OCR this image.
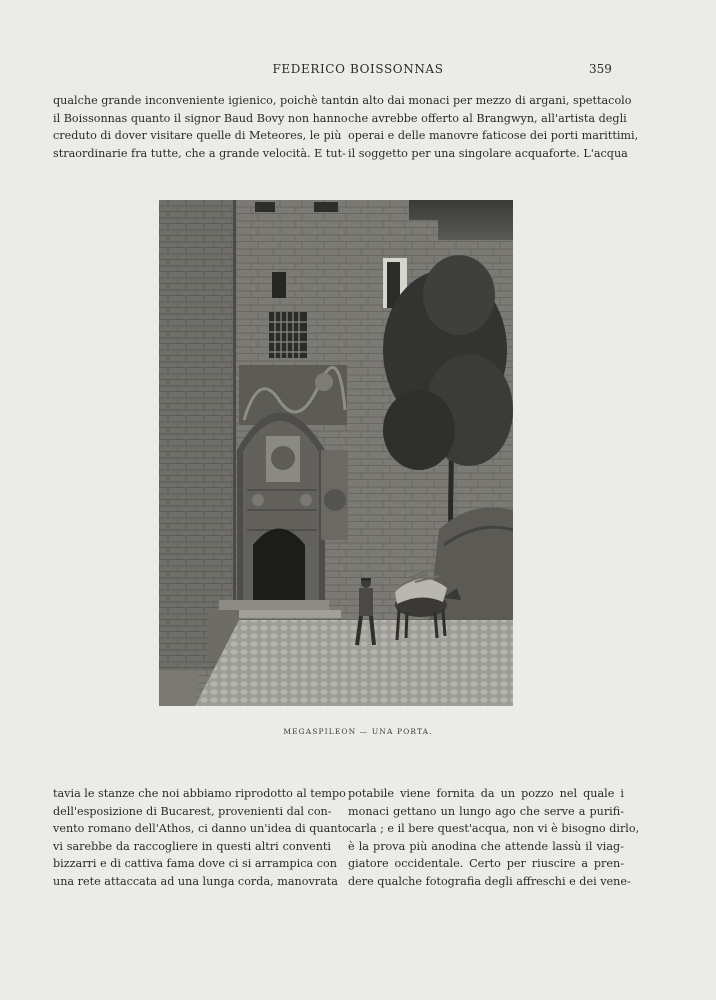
FEDERICO BOISSONNAS	359
qualche grande inconveniente igienico, poichè tanto
il Boissonnas quanto il signor Baud Bovy non hanno
creduto di dover visitare quelle di Meteores, le più
straordinarie fra tutte, che a grande velocità. E tut-
in alto dai monaci per mezzo di argani, spettacolo
che avrebbe offerto al Brangwyn, all'artista degli
operai e delle manovre faticose dei porti marittimi,
il soggetto per una singolare acquaforte. L'acqua
MEGASPILEON — UNA PORTA.
tavia le stanze che noi abbiamo riprodotto al tempo
dell'esposizione di Bucarest, provenienti dal con-
vento romano dell'Athos, ci danno un'idea di quanto
vi sarebbe da raccogliere in questi altri conventi
bizzarri e di cattiva fama dove ci si arrampica con
una rete attaccata ad una lunga corda, manovrata
potabile viene fornita da un pozzo nel quale i
monaci gettano un lungo ago che serve a purifi-
carla ; e il bere quest'acqua, non vi è bisogno dirlo,
è la prova più anodina che attende lassù il viag-
giatore occidentale. Certo per riuscire a pren-
dere qualche fotografia degli affreschi e dei vene-
